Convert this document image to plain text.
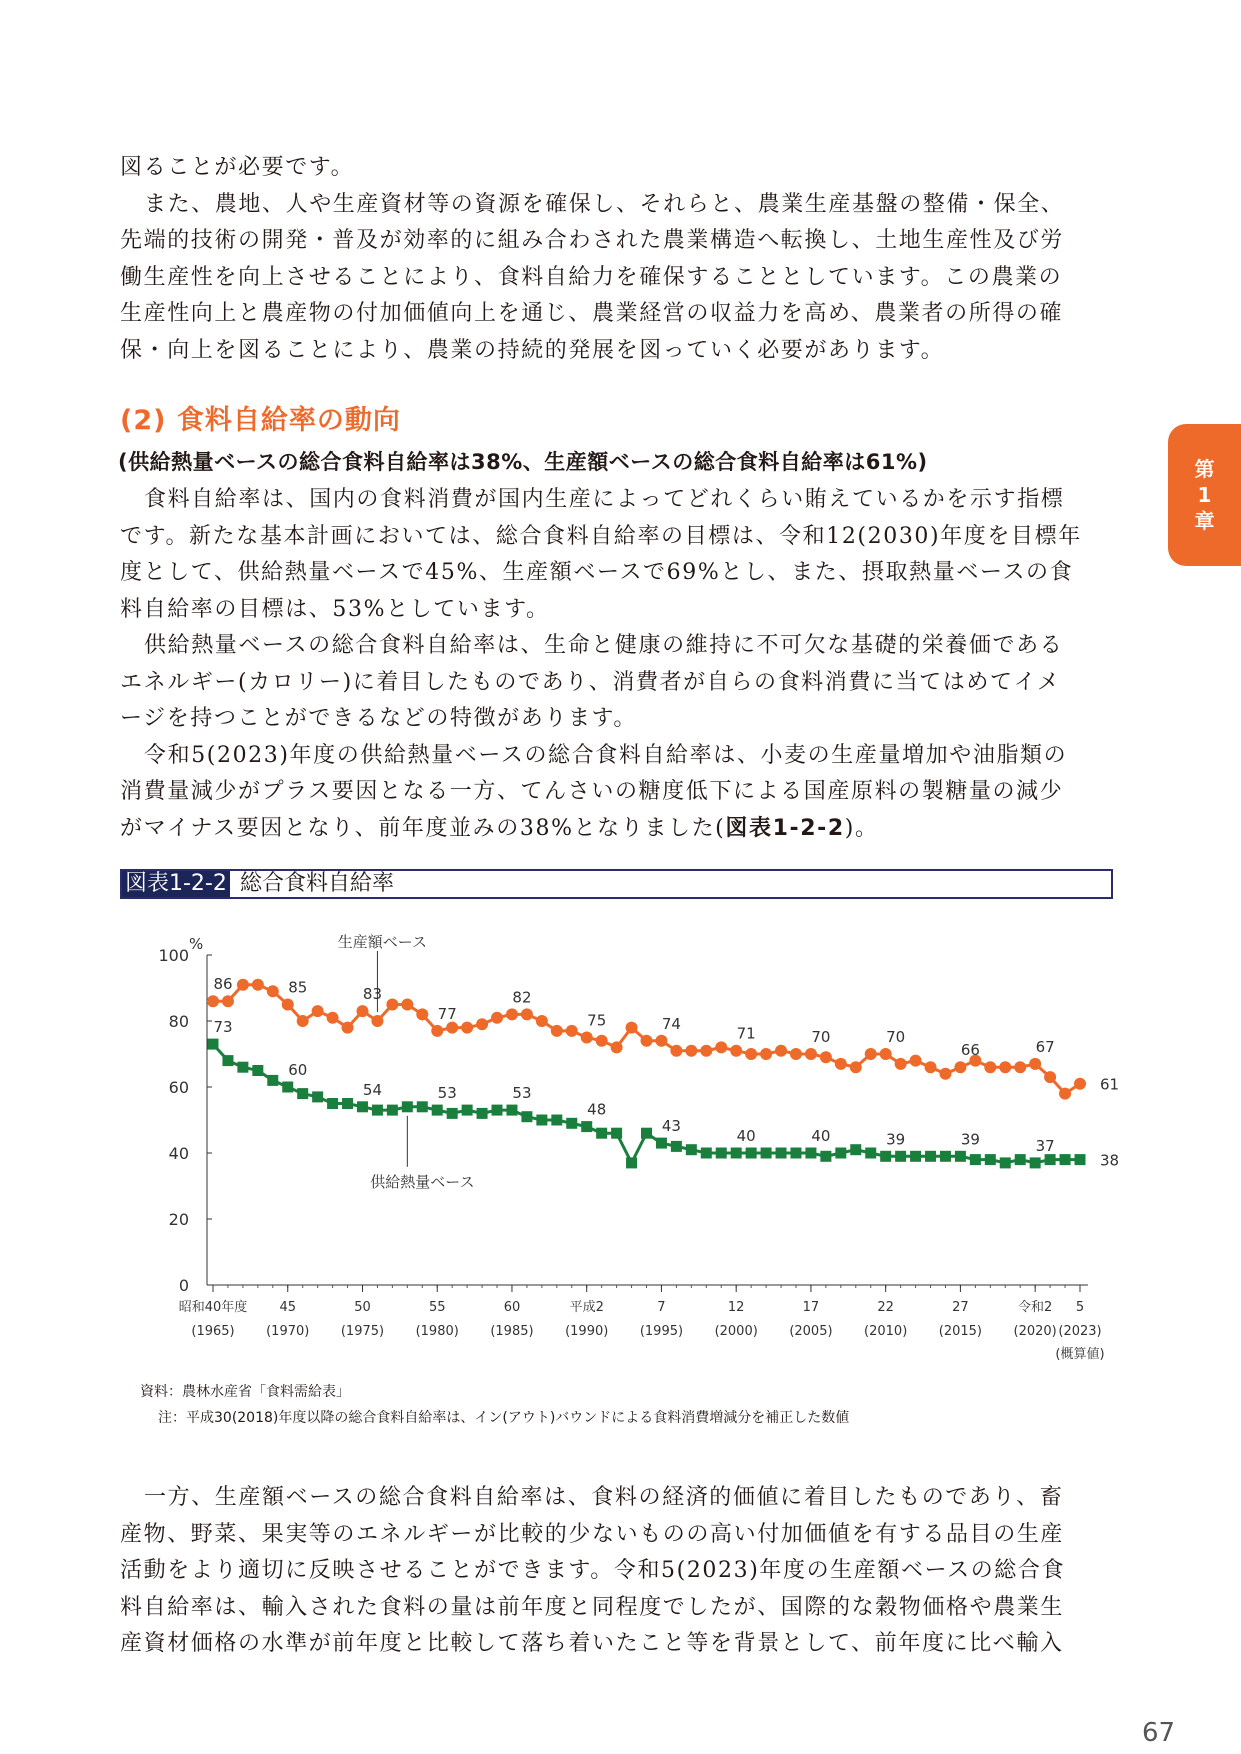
図ることが必要です。
また、農地、人や生産資材等の資源を確保し、それらと、農業生産基盤の整備・保全、
先端的技術の開発・普及が効率的に組み合わされた農業構造へ転換し、土地生産性及び労
働生産性を向上させることにより、食料自給力を確保することとしています。この農業の
生産性向上と農産物の付加価値向上を通じ、農業経営の収益力を高め、農業者の所得の確
保・向上を図ることにより、農業の持続的発展を図っていく必要があります。
(2) 食料自給率の動向
(供給熱量ベースの総合食料自給率は38%、生産額ベースの総合食料自給率は61%)
食料自給率は、国内の食料消費が国内生産によってどれくらい賄えているかを示す指標
です。新たな基本計画においては、総合食料自給率の目標は、令和12(2030)年度を目標年
度として、供給熱量ベースで45%、生産額ベースで69%とし、また、摂取熱量ベースの食
料自給率の目標は、53%としています。
供給熱量ベースの総合食料自給率は、生命と健康の維持に不可欠な基礎的栄養価である
エネルギー(カロリー)に着目したものであり、消費者が自らの食料消費に当てはめてイメ
ージを持つことができるなどの特徴があります。
令和5(2023)年度の供給熱量ベースの総合食料自給率は、小麦の生産量増加や油脂類の
消費量減少がプラス要因となる一方、てんさいの糖度低下による国産原料の製糖量の減少
がマイナス要因となり、前年度並みの38%となりました(図表1-2-2)。
第
1
章
図表1-2-2 総合食料自給率
%
0
20
40
60
80
100
昭和40年度
(1965)
45
(1970)
50
(1975)
55
(1980)
60
(1985)
平成2
(1990)
7
(1995)
12
(2000)
17
(2005)
22
(2010)
27
(2015)
令和2
(2020)
5
(2023)
(概算値)
86	85	83
77
82
75	74
71	70	70
66	67
61
73
60
54	53	53
48
43
40	40	39	39	37
38
生産額ベース
供給熱量ベース

資料：農林水産省「食料需給表」

注：平成30(2018)年度以降の総合食料自給率は、イン(アウト)バウンドによる食料消費増減分を補正した数値

一方、生産額ベースの総合食料自給率は、食料の経済的価値に着目したものであり、畜
産物、野菜、果実等のエネルギーが比較的少ないものの高い付加価値を有する品目の生産
活動をより適切に反映させることができます。令和5(2023)年度の生産額ベースの総合食
料自給率は、輸入された食料の量は前年度と同程度でしたが、国際的な穀物価格や農業生
産資材価格の水準が前年度と比較して落ち着いたこと等を背景として、前年度に比べ輸入
67
